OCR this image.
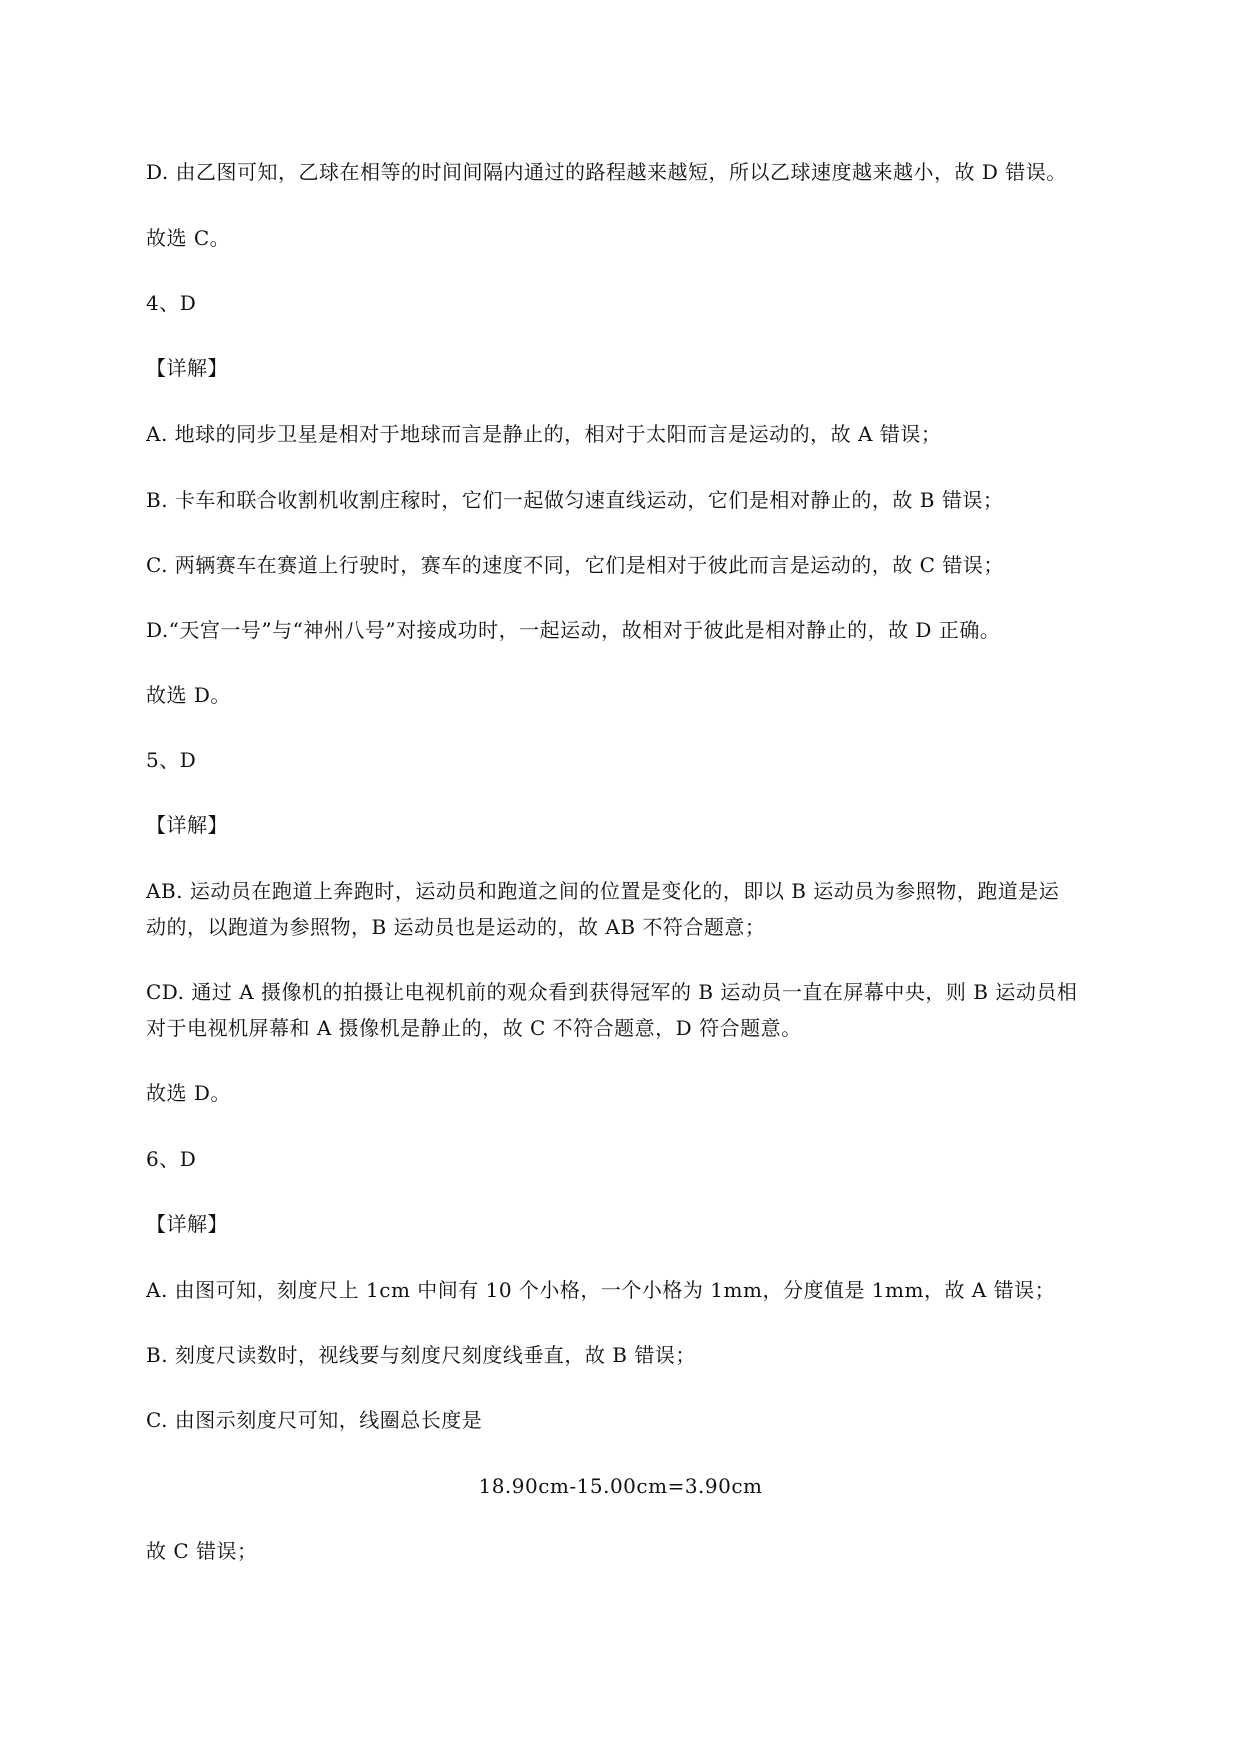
D. 由乙图可知，乙球在相等的时间间隔内通过的路程越来越短，所以乙球速度越来越小，故 D 错误。
故选 C。
4、D
【详解】
A. 地球的同步卫星是相对于地球而言是静止的，相对于太阳而言是运动的，故 A 错误；
B. 卡车和联合收割机收割庄稼时，它们一起做匀速直线运动，它们是相对静止的，故 B 错误；
C. 两辆赛车在赛道上行驶时，赛车的速度不同，它们是相对于彼此而言是运动的，故 C 错误；
D.“天宫一号”与“神州八号”对接成功时，一起运动，故相对于彼此是相对静止的，故 D 正确。
故选 D。
5、D
【详解】
AB. 运动员在跑道上奔跑时，运动员和跑道之间的位置是变化的，即以 B 运动员为参照物，跑道是运
动的，以跑道为参照物，B 运动员也是运动的，故 AB 不符合题意；
CD. 通过 A 摄像机的拍摄让电视机前的观众看到获得冠军的 B 运动员一直在屏幕中央，则 B 运动员相
对于电视机屏幕和 A 摄像机是静止的，故 C 不符合题意，D 符合题意。
故选 D。
6、D
【详解】
A. 由图可知，刻度尺上 1cm 中间有 10 个小格，一个小格为 1mm，分度值是 1mm，故 A 错误；
B. 刻度尺读数时，视线要与刻度尺刻度线垂直，故 B 错误；
C. 由图示刻度尺可知，线圈总长度是
18.90cm-15.00cm=3.90cm
故 C 错误；
